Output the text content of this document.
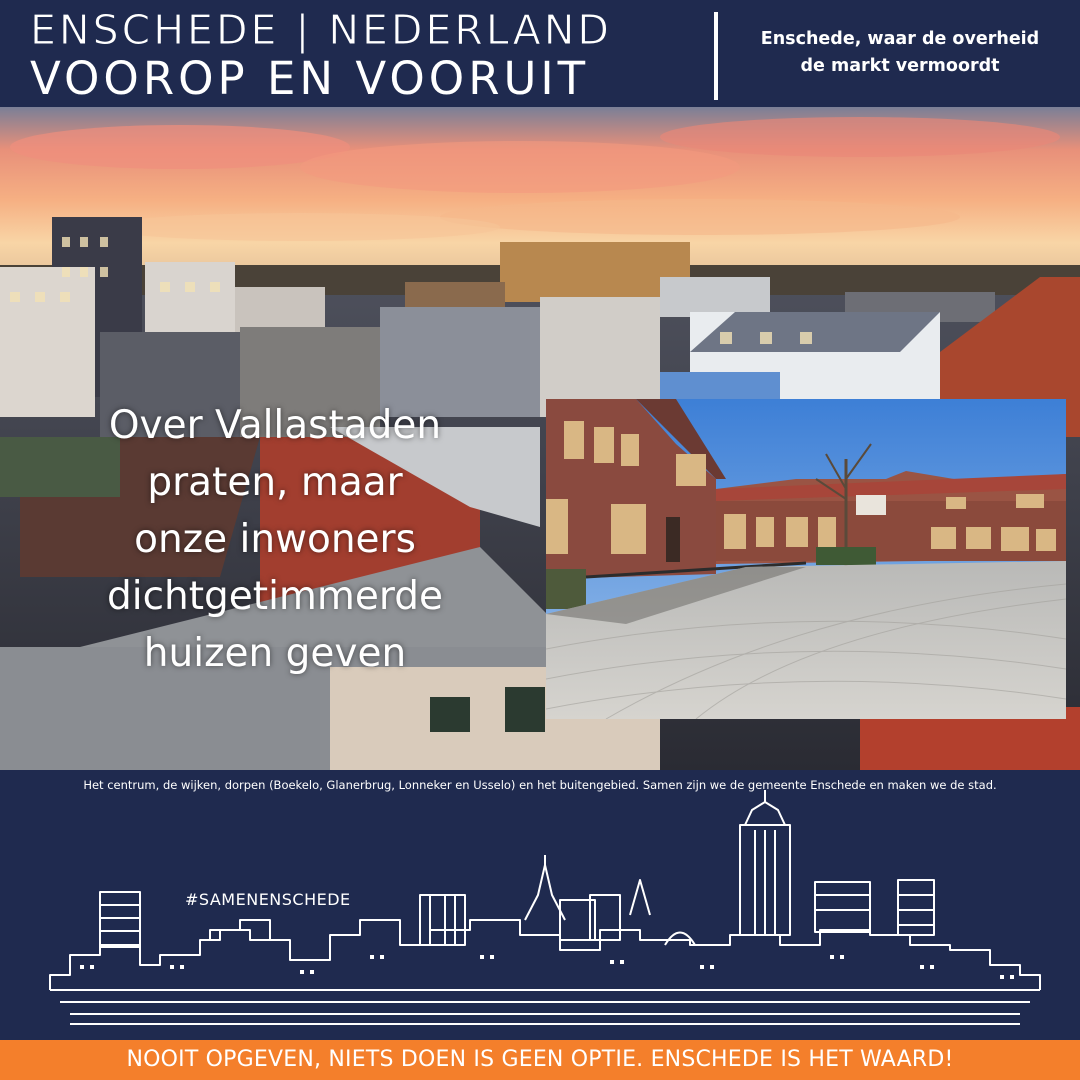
ENSCHEDE | NEDERLAND
VOOROP EN VOORUIT
Enschede, waar de overheid
de markt vermoordt
Over Vallastaden
praten, maar
onze inwoners
dichtgetimmerde
huizen geven
Het centrum, de wijken, dorpen (Boekelo, Glanerbrug, Lonneker en Usselo) en het buitengebied. Samen zijn we de gemeente Enschede en maken we de stad.
#SAMENENSCHEDE
NOOIT OPGEVEN, NIETS DOEN IS GEEN OPTIE. ENSCHEDE IS HET WAARD!
